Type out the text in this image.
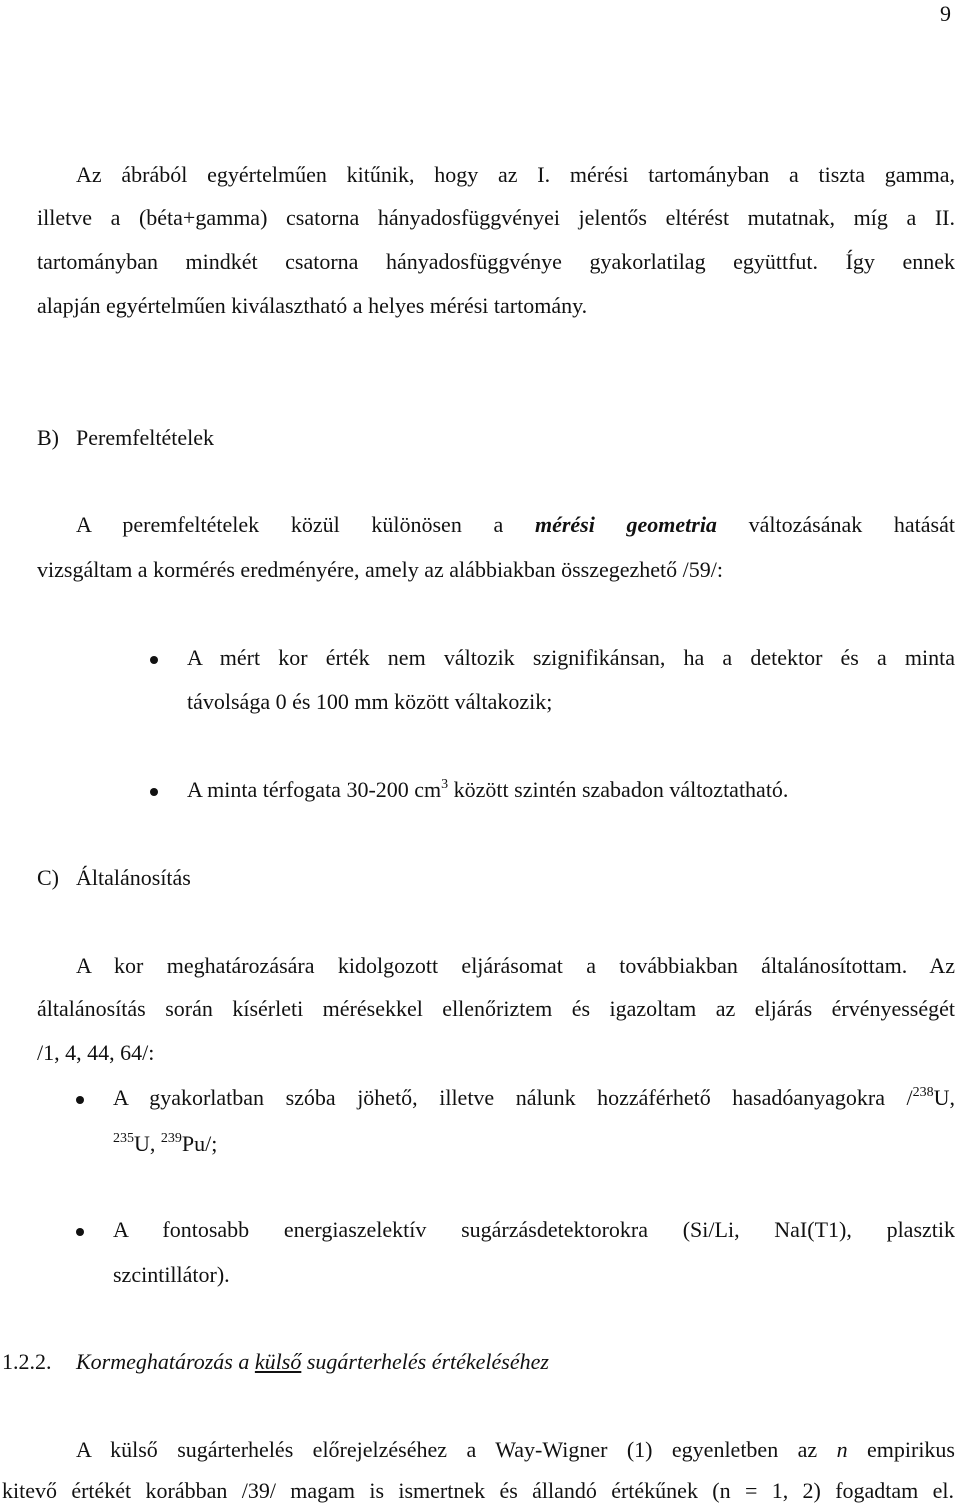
9
Az ábrából egyértelműen kitűnik, hogy az I. mérési tartományban a tiszta gamma,
illetve a (béta+gamma) csatorna hányadosfüggvényei jelentős eltérést mutatnak, míg a II.
tartományban mindkét csatorna hányadosfüggvénye gyakorlatilag együttfut. Így ennek
alapján egyértelműen kiválasztható a helyes mérési tartomány.
B) Peremfeltételek
A peremfeltételek közül különösen a mérési geometria változásának hatását
vizsgáltam a kormérés eredményére, amely az alábbiakban összegezhető /59/:
A mért kor érték nem változik szignifikánsan, ha a detektor és a minta
távolsága 0 és 100 mm között váltakozik;
A minta térfogata 30-200 $cm^3$ között szintén szabadon változtatható.
C) Általánosítás
A kor meghatározására kidolgozott eljárásomat a továbbiakban általánosítottam. Az
általánosítás során kísérleti mérésekkel ellenőriztem és igazoltam az eljárás érvényességét
/1, 4, 44, 64/:
A gyakorlatban szóba jöhető, illetve nálunk hozzáférhető hasadóanyagokra /$^{238}$U,
$^{235}$U, $^{239}$Pu/;
A fontosabb energiaszelektív sugárzásdetektorokra (Si/Li, NaI(T1), plasztik
szcintillátor).
1.2.2. Kormeghatározás a külső sugárterhelés értékeléséhez
A külső sugárterhelés előrejelzéséhez a Way-Wigner (1) egyenletben az n empirikus
kitevő értékét korábban /39/ magam is ismertnek és állandó értékűnek (n = 1, 2) fogadtam el.
